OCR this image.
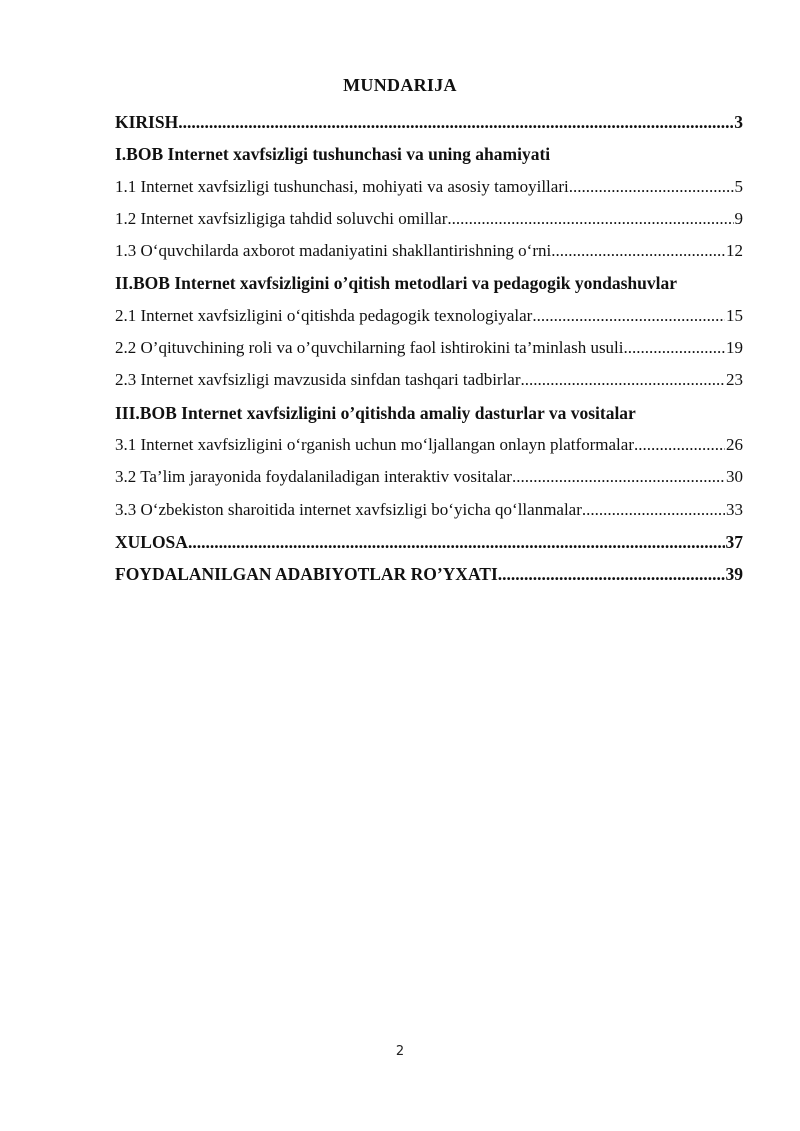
MUNDARIJA
KIRISH .....	3
I.BOB Internet xavfsizligi tushunchasi va uning ahamiyati
1.1 Internet xavfsizligi tushunchasi, mohiyati va asosiy tamoyillari .....	5
1.2 Internet xavfsizligiga tahdid soluvchi omillar .....	9
1.3 O‘quvchilarda axborot madaniyatini shakllantirishning o‘rni .....	12
II.BOB Internet xavfsizligini o’qitish metodlari va pedagogik yondashuvlar
2.1 Internet xavfsizligini o‘qitishda pedagogik texnologiyalar .....	15
2.2 O’qituvchining roli va o’quvchilarning faol ishtirokini ta’minlash usuli .....	19
2.3 Internet xavfsizligi mavzusida sinfdan tashqari tadbirlar .....	23
III.BOB Internet xavfsizligini o’qitishda amaliy dasturlar va vositalar
3.1 Internet xavfsizligini o‘rganish uchun mo‘ljallangan onlayn platformalar .....	26
3.2 Ta’lim jarayonida foydalaniladigan interaktiv vositalar .....	30
3.3 O‘zbekiston sharoitida internet xavfsizligi bo‘yicha qo‘llanmalar .....	33
XULOSA .....	37
FOYDALANILGAN ADABIYOTLAR RO’YXATI .....	39
2
